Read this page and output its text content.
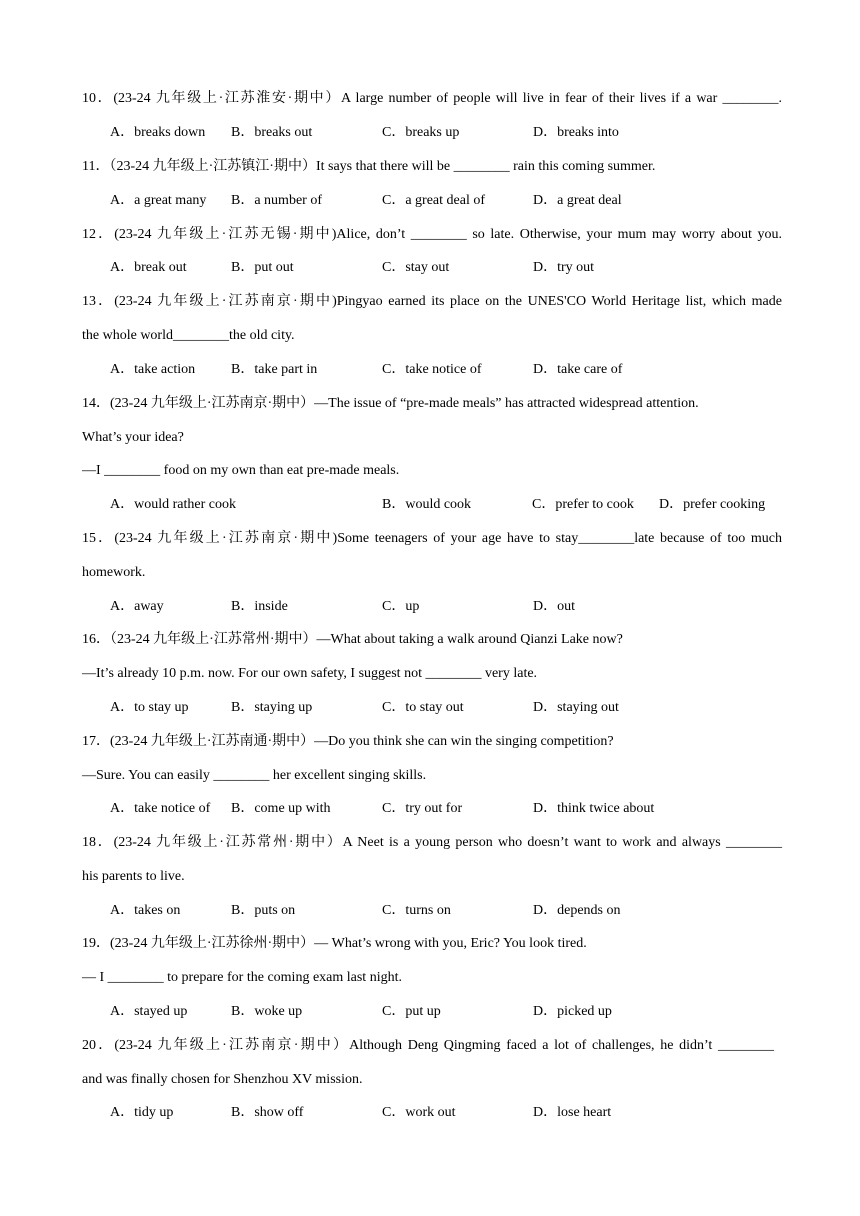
10．(23-24 九年级上·江苏淮安·期中）A large number of people will live in fear of their lives if a war ________.
A．breaks down B．breaks out	C．breaks up	D．breaks into
11．（23-24 九年级上·江苏镇江·期中）It says that there will be ________ rain this coming summer.
A．a great many B．a number of	C．a great deal of	D．a great deal
12．(23-24 九年级上·江苏无锡·期中)Alice, don’t ________ so late. Otherwise, your mum may worry about you.
A．break out	B．put out	C．stay out	D．try out
13．(23-24 九年级上·江苏南京·期中)Pingyao earned its place on the UNES'CO World Heritage list, which made
the whole world________the old city.
A．take action	B．take part in	C．take notice of	D．take care of
14．(23-24 九年级上·江苏南京·期中）—The issue of “pre-made meals” has attracted widespread attention.
What’s your idea?
—I ________ food on my own than eat pre-made meals.
A．would rather cook	B．would cook	C．prefer to cook D．prefer cooking
15．(23-24 九年级上·江苏南京·期中)Some teenagers of your age have to stay________late because of too much
homework.
A．away	B．inside	C．up	D．out
16．（23-24 九年级上·江苏常州·期中）—What about taking a walk around Qianzi Lake now?
—It’s already 10 p.m. now. For our own safety, I suggest not ________ very late.
A．to stay up	B．staying up	C．to stay out	D．staying out
17．(23-24 九年级上·江苏南通·期中）—Do you think she can win the singing competition?
—Sure. You can easily ________ her excellent singing skills.
A．take notice of B．come up with	C．try out for	D．think twice about
18．(23-24 九年级上·江苏常州·期中）A Neet is a young person who doesn’t want to work and always ________
his parents to live.
A．takes on	B．puts on	C．turns on	D．depends on
19．(23-24 九年级上·江苏徐州·期中）— What’s wrong with you, Eric? You look tired.
— I ________ to prepare for the coming exam last night.
A．stayed up	B．woke up	C．put up	D．picked up
20．(23-24 九年级上·江苏南京·期中）Although Deng Qingming faced a lot of challenges, he didn’t ________
and was finally chosen for Shenzhou XV mission.
A．tidy up	B．show off	C．work out	D．lose heart
